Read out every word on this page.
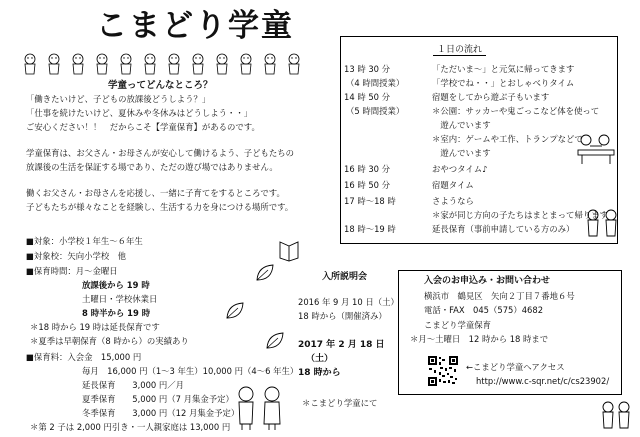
こまどり学童
学童ってどんなところ？
「働きたいけど、子どもの放課後どうしよう？」
「仕事を続けたいけど、夏休みや冬休みはどうしよう・・」
ご安心ください！！　だからこそ【学童保育】があるのです。
学童保育は、お父さん・お母さんが安心して働けるよう、子どもたちの
放課後の生活を保証する場であり、ただの遊び場ではありません。
働くお父さん・お母さんを応援し、一緒に子育てをするところです。
子どもたちが様々なことを経験し、生活する力を身につける場所です。
■対象：小学校１年生～６年生
■対象校：矢向小学校　他
■保育時間：月～金曜日
放課後から 19 時
土曜日・学校休業日
8 時半から 19 時
＊18 時から 19 時は延長保育です
＊夏季は早朝保育（8 時から）の実績あり
■保育料：入会金　15,000 円
毎月　16,000 円（1～3 年生）10,000 円（4～6 年生）
延長保育　　3,000 円／月
夏季保育　　5,000 円（7 月集金予定）
冬季保育　　3,000 円（12 月集金予定）
＊第 2 子は 2,000 円引き・一人親家庭は 13,000 円
１日の流れ
13 時 30 分	「ただいま～」と元気に帰ってきます
（4 時間授業）	「学校でね・・」とおしゃべりタイム
14 時 50 分	宿題をしてから遊ぶ子もいます
（5 時間授業）	＊公園：サッカーや鬼ごっこなど体を使って
　遊んでいます
＊室内：ゲームや工作、トランプなどで
　遊んでいます
16 時 30 分	おやつタイム♪
16 時 50 分	宿題タイム
17 時～18 時	さようなら
＊家が同じ方向の子たちはまとまって帰ります
18 時～19 時	延長保育（事前申請している方のみ）
入所説明会
2016 年 9 月 10 日（土）
18 時から（開催済み）
2017 年 2 月 18 日
（土）
18 時から
＊こまどり学童にて
入会のお申込み・お問い合わせ
横浜市　鶴見区　矢向２丁目７番地６号
電話・FAX　045（575）4682
こまどり学童保育
＊月～土曜日　12 時から 18 時まで
←こまどり学童へアクセス
http://www.c-sqr.net/c/cs23902/
